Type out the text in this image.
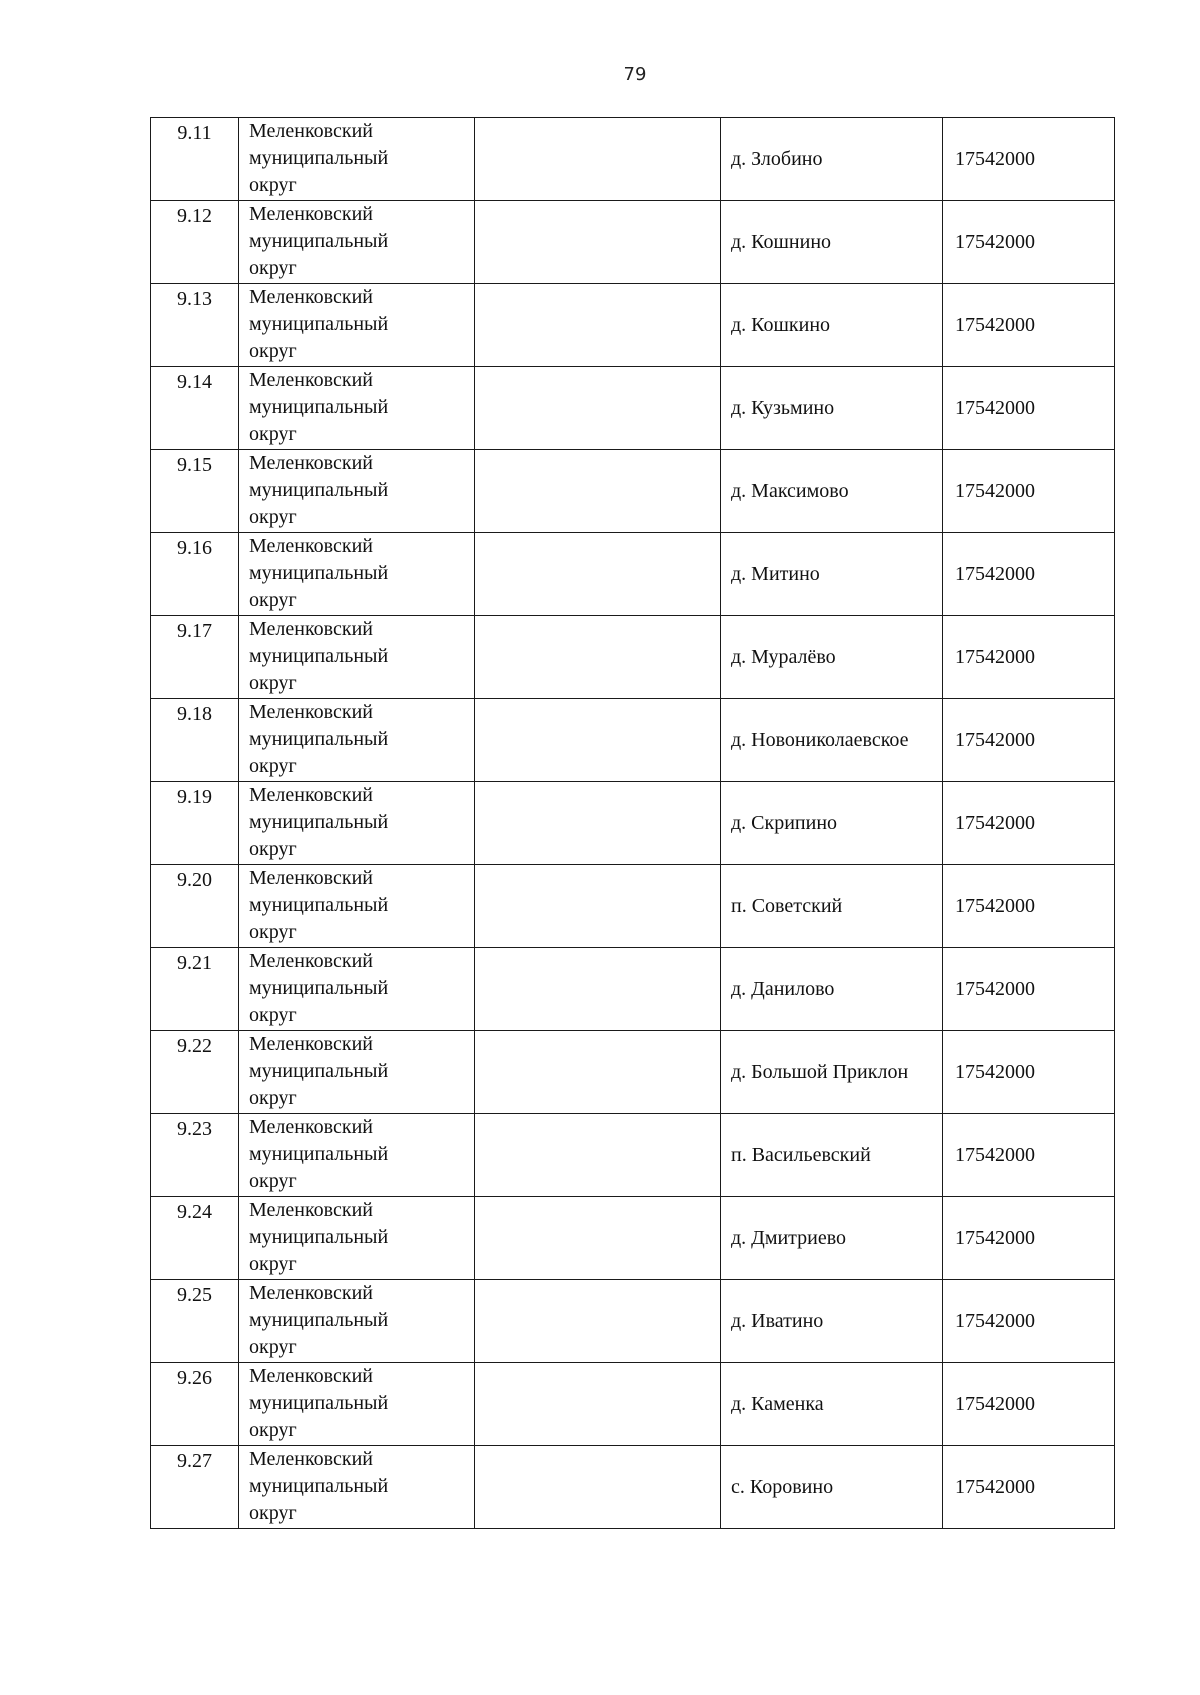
79
9.11	Меленковский
муниципальный
округ		д. Злобино	17542000
9.12	Меленковский
муниципальный
округ		д. Кошнино	17542000
9.13	Меленковский
муниципальный
округ		д. Кошкино	17542000
9.14	Меленковский
муниципальный
округ		д. Кузьмино	17542000
9.15	Меленковский
муниципальный
округ		д. Максимово	17542000
9.16	Меленковский
муниципальный
округ		д. Митино	17542000
9.17	Меленковский
муниципальный
округ		д. Муралёво	17542000
9.18	Меленковский
муниципальный
округ		д. Новониколаевское	17542000
9.19	Меленковский
муниципальный
округ		д. Скрипино	17542000
9.20	Меленковский
муниципальный
округ		п. Советский	17542000
9.21	Меленковский
муниципальный
округ		д. Данилово	17542000
9.22	Меленковский
муниципальный
округ		д. Большой Приклон	17542000
9.23	Меленковский
муниципальный
округ		п. Васильевский	17542000
9.24	Меленковский
муниципальный
округ		д. Дмитриево	17542000
9.25	Меленковский
муниципальный
округ		д. Иватино	17542000
9.26	Меленковский
муниципальный
округ		д. Каменка	17542000
9.27	Меленковский
муниципальный
округ		с. Коровино	17542000
